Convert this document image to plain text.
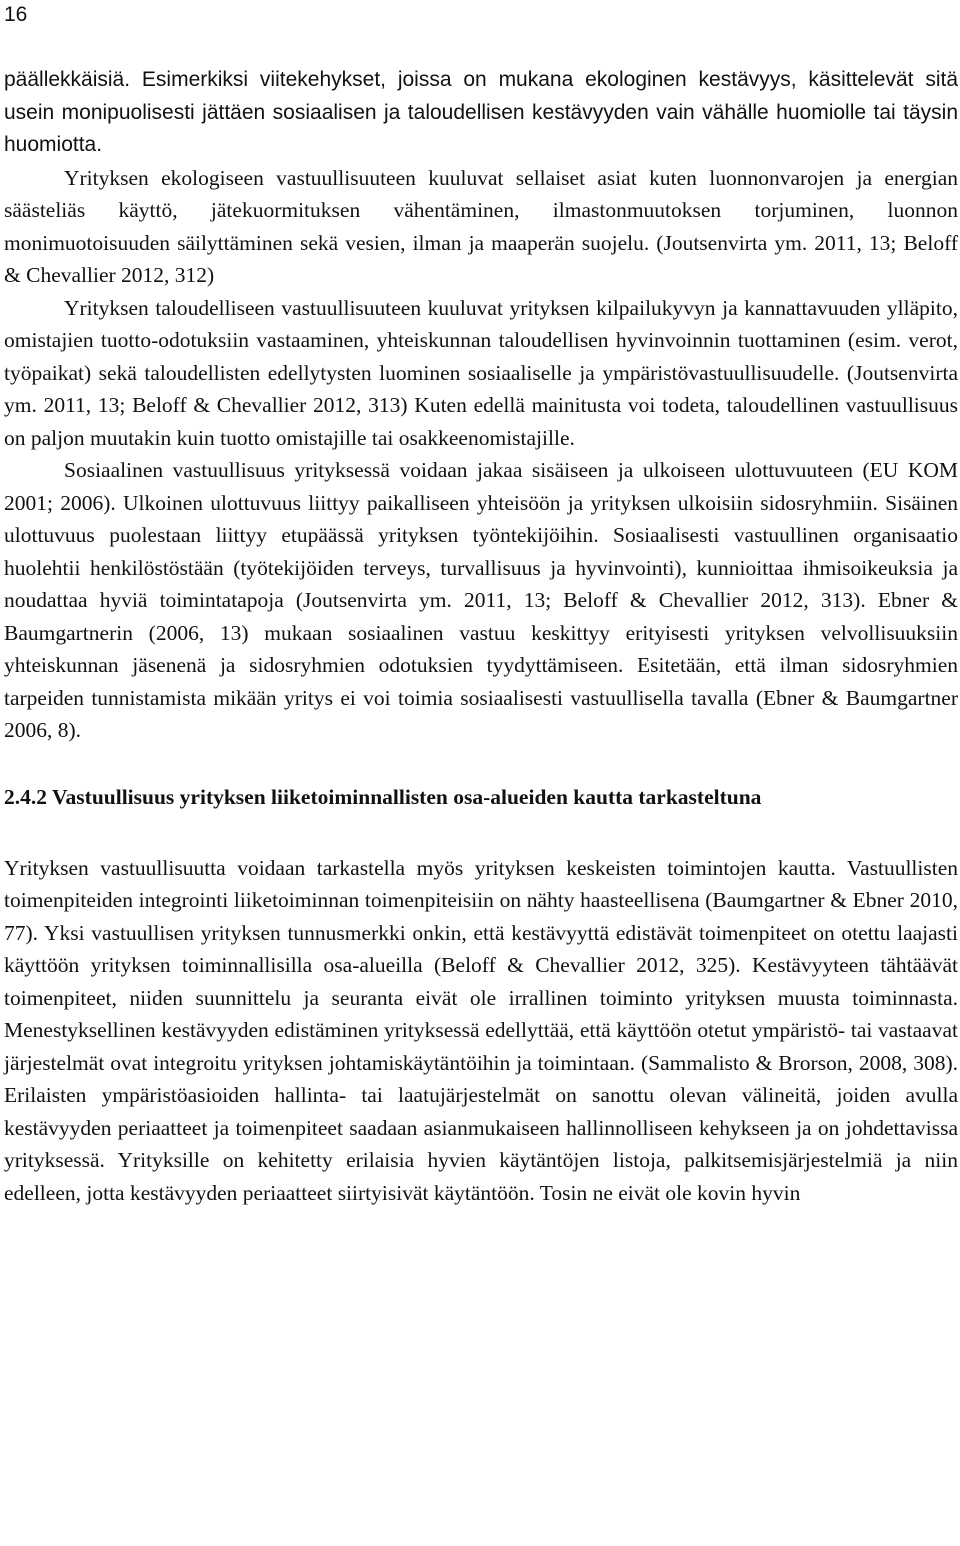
16

päällekkäisiä. Esimerkiksi viitekehykset, joissa on mukana ekologinen kestävyys, käsittelevät sitä usein monipuolisesti jättäen sosiaalisen ja taloudellisen kestävyyden vain vähälle huomiolle tai täysin huomiotta.

Yrityksen ekologiseen vastuullisuuteen kuuluvat sellaiset asiat kuten luonnonvarojen ja energian säästeliäs käyttö, jätekuormituksen vähentäminen, ilmastonmuutoksen torjuminen, luonnon monimuotoisuuden säilyttäminen sekä vesien, ilman ja maaperän suojelu. (Joutsenvirta ym. 2011, 13; Beloff & Chevallier 2012, 312)

Yrityksen taloudelliseen vastuullisuuteen kuuluvat yrityksen kilpailukyvyn ja kannattavuuden ylläpito, omistajien tuotto-odotuksiin vastaaminen, yhteiskunnan taloudellisen hyvinvoinnin tuottaminen (esim. verot, työpaikat) sekä taloudellisten edellytysten luominen sosiaaliselle ja ympäristövastuullisuudelle. (Joutsenvirta ym. 2011, 13; Beloff & Chevallier 2012, 313) Kuten edellä mainitusta voi todeta, taloudellinen vastuullisuus on paljon muutakin kuin tuotto omistajille tai osakkeenomistajille.

Sosiaalinen vastuullisuus yrityksessä voidaan jakaa sisäiseen ja ulkoiseen ulottuvuuteen (EU KOM 2001; 2006). Ulkoinen ulottuvuus liittyy paikalliseen yhteisöön ja yrityksen ulkoisiin sidosryhmiin. Sisäinen ulottuvuus puolestaan liittyy etupäässä yrityksen työntekijöihin. Sosiaalisesti vastuullinen organisaatio huolehtii henkilöstöstään (työtekijöiden terveys, turvallisuus ja hyvinvointi), kunnioittaa ihmisoikeuksia ja noudattaa hyviä toimintatapoja (Joutsenvirta ym. 2011, 13; Beloff & Chevallier 2012, 313). Ebner & Baumgartnerin (2006, 13) mukaan sosiaalinen vastuu keskittyy erityisesti yrityksen velvollisuuksiin yhteiskunnan jäsenenä ja sidosryhmien odotuksien tyydyttämiseen. Esitetään, että ilman sidosryhmien tarpeiden tunnistamista mikään yritys ei voi toimia sosiaalisesti vastuullisella tavalla (Ebner & Baumgartner 2006, 8).

2.4.2 Vastuullisuus yrityksen liiketoiminnallisten osa-alueiden kautta tarkasteltuna

Yrityksen vastuullisuutta voidaan tarkastella myös yrityksen keskeisten toimintojen kautta. Vastuullisten toimenpiteiden integrointi liiketoiminnan toimenpiteisiin on nähty haasteellisena (Baumgartner & Ebner 2010, 77). Yksi vastuullisen yrityksen tunnusmerkki onkin, että kestävyyttä edistävät toimenpiteet on otettu laajasti käyttöön yrityksen toiminnallisilla osa-alueilla (Beloff & Chevallier 2012, 325). Kestävyyteen tähtäävät toimenpiteet, niiden suunnittelu ja seuranta eivät ole irrallinen toiminto yrityksen muusta toiminnasta. Menestyksellinen kestävyyden edistäminen yrityksessä edellyttää, että käyttöön otetut ympäristö- tai vastaavat järjestelmät ovat integroitu yrityksen johtamiskäytäntöihin ja toimintaan. (Sammalisto & Brorson, 2008, 308). Erilaisten ympäristöasioiden hallinta- tai laatujärjestelmät on sanottu olevan välineitä, joiden avulla kestävyyden periaatteet ja toimenpiteet saadaan asianmukaiseen hallinnolliseen kehykseen ja on johdettavissa yrityksessä. Yrityksille on kehitetty erilaisia hyvien käytäntöjen listoja, palkitsemisjärjestelmiä ja niin edelleen, jotta kestävyyden periaatteet siirtyisivät käytäntöön. Tosin ne eivät ole kovin hyvin
